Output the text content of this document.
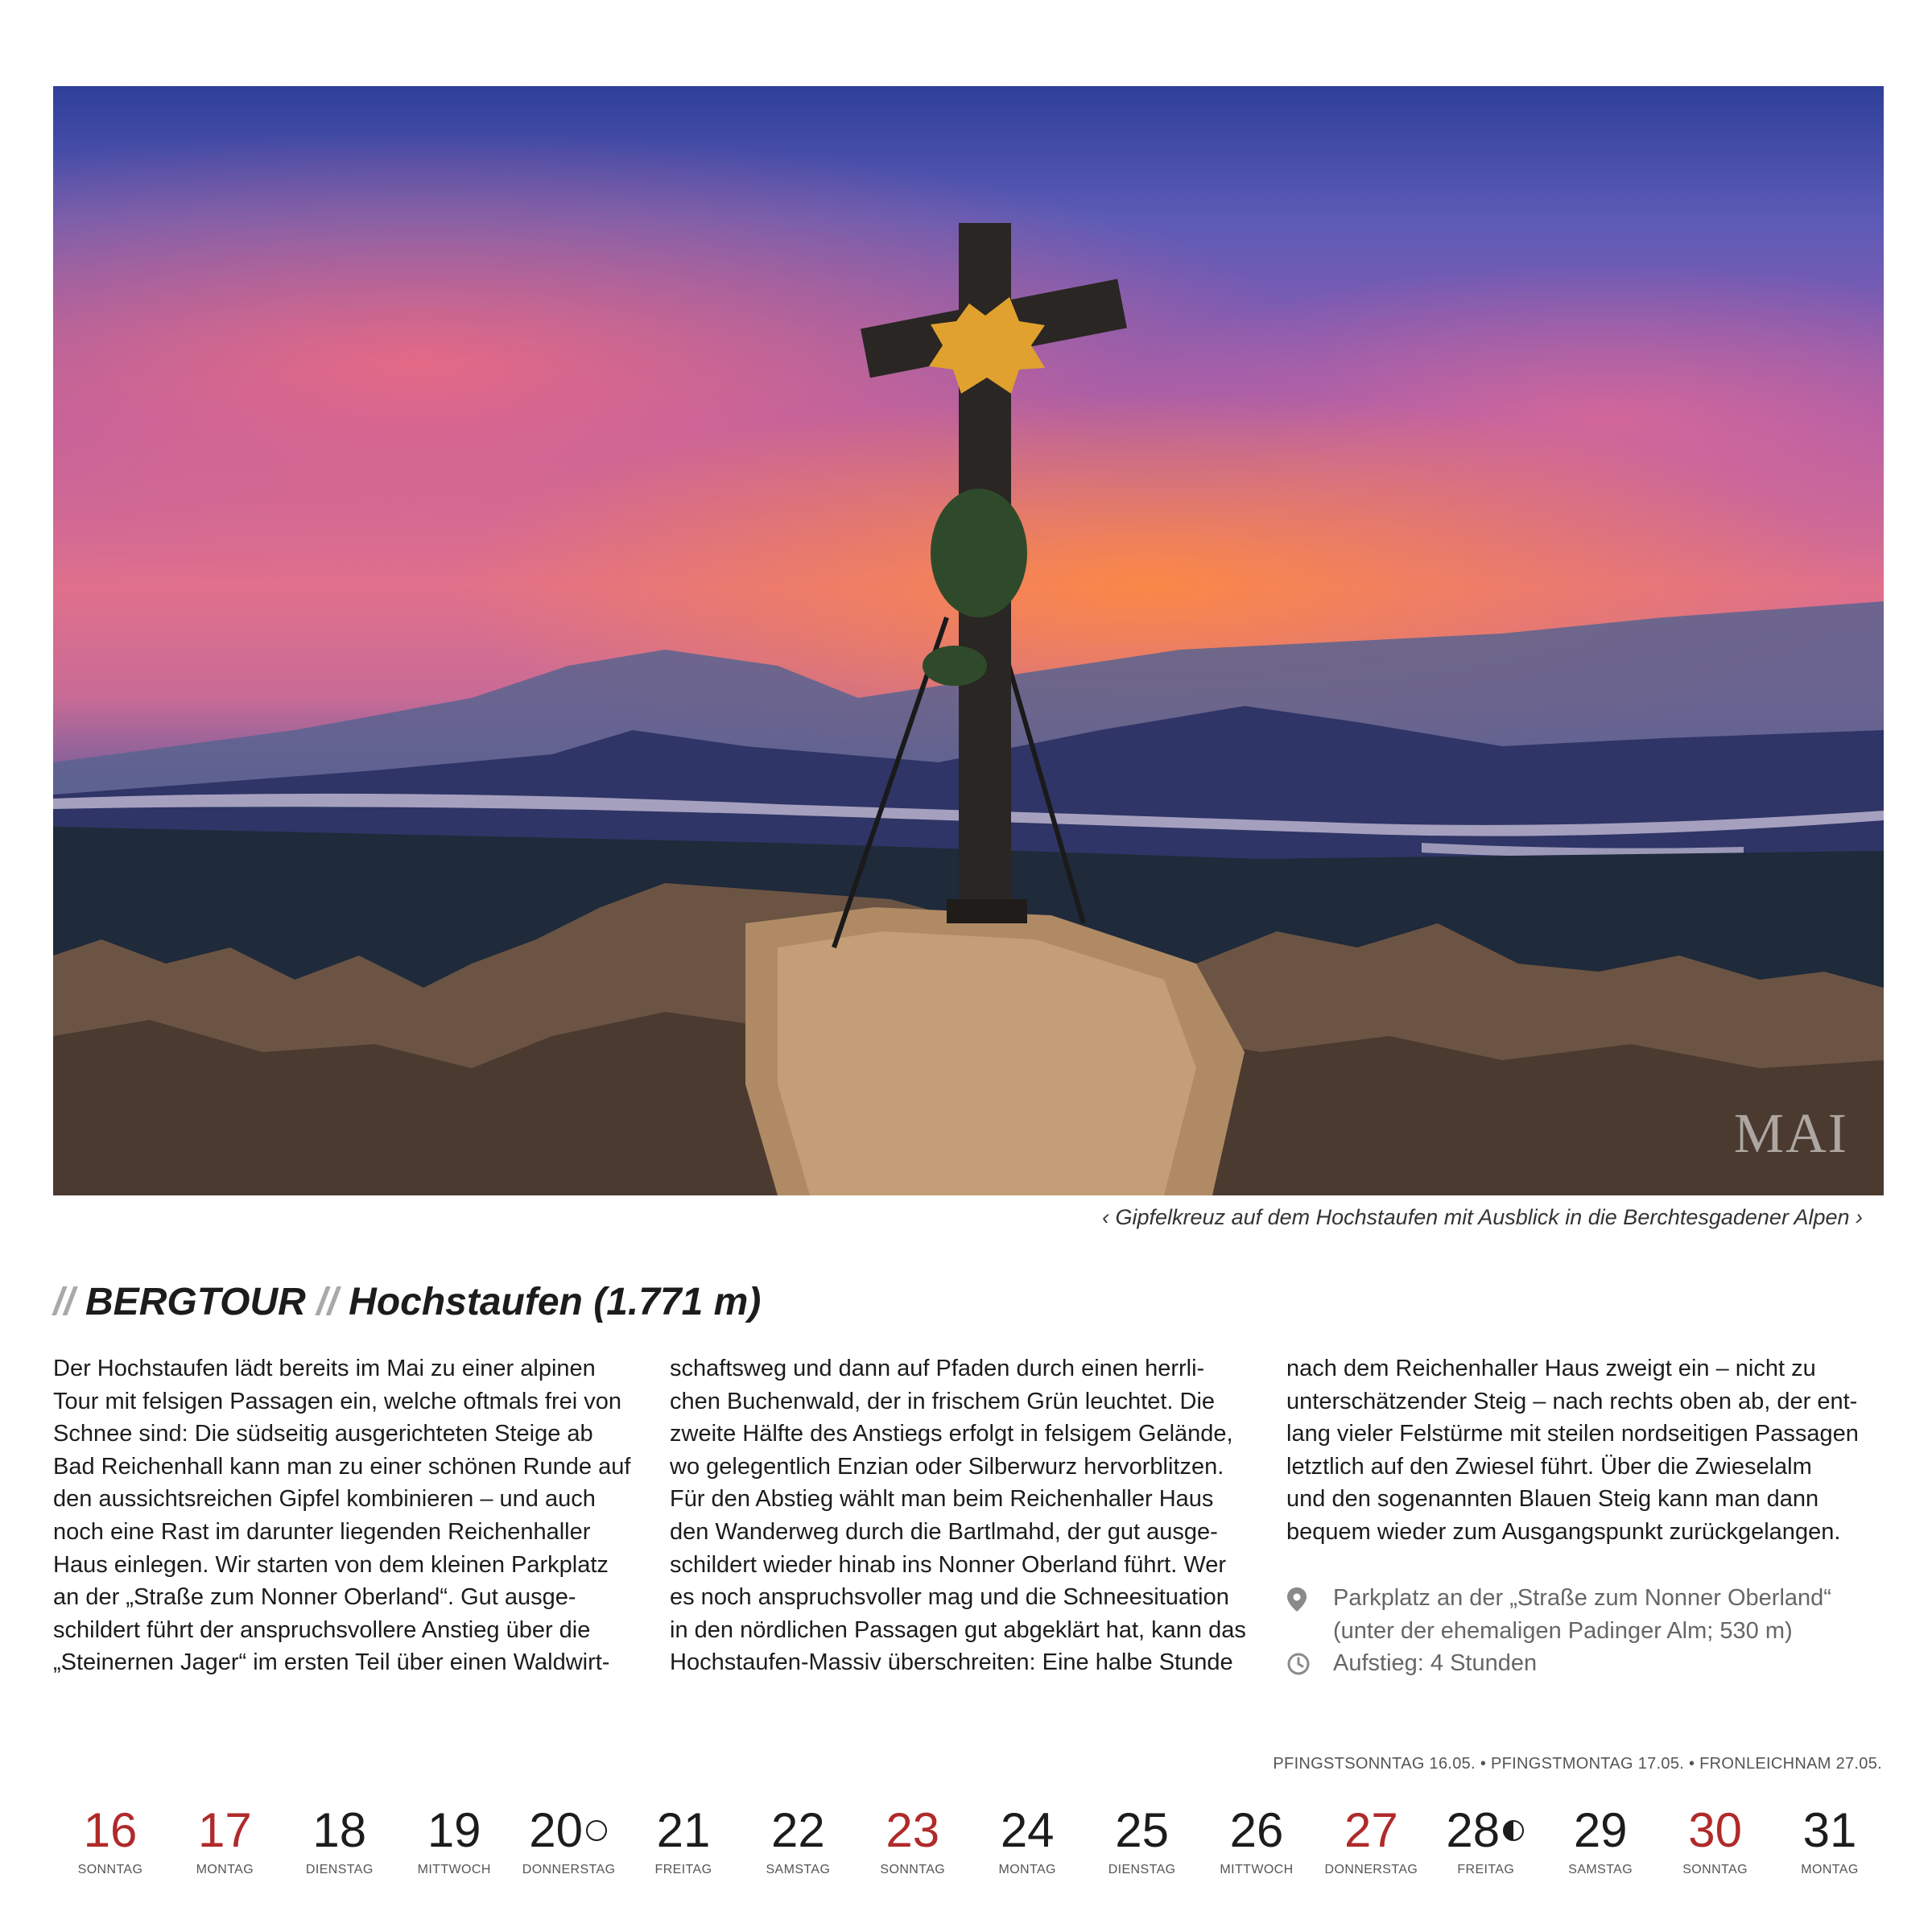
MAI
‹ Gipfelkreuz auf dem Hochstaufen mit Ausblick in die Berchtesgadener Alpen ›
// BERGTOUR // Hochstaufen (1.771 m)

Der Hochstaufen lädt bereits im Mai zu einer alpinen

Tour mit felsigen Passagen ein, welche oftmals frei von

Schnee sind: Die südseitig ausgerichteten Steige ab

Bad Reichenhall kann man zu einer schönen Runde auf

den aussichtsreichen Gipfel kombinieren – und auch

noch eine Rast im darunter liegenden Reichenhaller

Haus einlegen. Wir starten von dem kleinen Parkplatz

an der „Straße zum Nonner Oberland“. Gut ausge-

schildert führt der anspruchsvollere Anstieg über die

„Steinernen Jager“ im ersten Teil über einen Waldwirt-

schaftsweg und dann auf Pfaden durch einen herrli-

chen Buchenwald, der in frischem Grün leuchtet. Die

zweite Hälfte des Anstiegs erfolgt in felsigem Gelände,

wo gelegentlich Enzian oder Silberwurz hervorblitzen.

Für den Abstieg wählt man beim Reichenhaller Haus

den Wanderweg durch die Bartlmahd, der gut ausge-

schildert wieder hinab ins Nonner Oberland führt. Wer

es noch anspruchsvoller mag und die Schneesituation

in den nördlichen Passagen gut abgeklärt hat, kann das

Hochstaufen-Massiv überschreiten: Eine halbe Stunde

nach dem Reichenhaller Haus zweigt ein – nicht zu

unterschätzender Steig – nach rechts oben ab, der ent-

lang vieler Felstürme mit steilen nordseitigen Passagen

letztlich auf den Zwiesel führt. Über die Zwieselalm

und den sogenannten Blauen Steig kann man dann

bequem wieder zum Ausgangspunkt zurückgelangen.

Parkplatz an der „Straße zum Nonner Oberland“
(unter der ehemaligen Padinger Alm; 530 m)
Aufstieg: 4 Stunden
PFINGSTSONNTAG 16.05. • PFINGSTMONTAG 17.05. • FRONLEICHNAM 27.05.
16
SONNTAG
17
MONTAG
18
DIENSTAG
19
MITTWOCH
20
DONNERSTAG
21
FREITAG
22
SAMSTAG
23
SONNTAG
24
MONTAG
25
DIENSTAG
26
MITTWOCH
27
DONNERSTAG
28
FREITAG
29
SAMSTAG
30
SONNTAG
31
MONTAG
